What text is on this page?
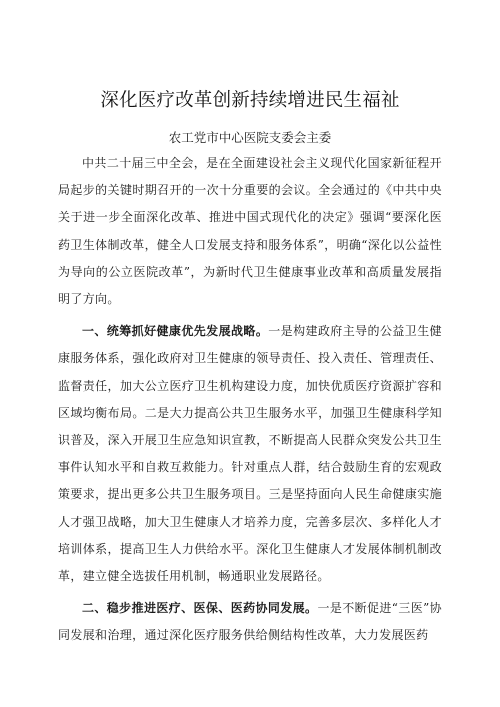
深化医疗改革创新持续增进民生福祉
农工党市中心医院支委会主委

中共二十届三中全会，是在全面建设社会主义现代化国家新征程开局起步的关键时期召开的一次十分重要的会议。全会通过的《中共中央关于进一步全面深化改革、推进中国式现代化的决定》强调“要深化医药卫生体制改革，健全人口发展支持和服务体系”，明确“深化以公益性为导向的公立医院改革”，为新时代卫生健康事业改革和高质量发展指明了方向。

一、统筹抓好健康优先发展战略。一是构建政府主导的公益卫生健康服务体系，强化政府对卫生健康的领导责任、投入责任、管理责任、监督责任，加大公立医疗卫生机构建设力度，加快优质医疗资源扩容和区域均衡布局。二是大力提高公共卫生服务水平，加强卫生健康科学知识普及，深入开展卫生应急知识宣教，不断提高人民群众突发公共卫生事件认知水平和自救互救能力。针对重点人群，结合鼓励生育的宏观政策要求，提出更多公共卫生服务项目。三是坚持面向人民生命健康实施人才强卫战略，加大卫生健康人才培养力度，完善多层次、多样化人才培训体系，提高卫生人力供给水平。深化卫生健康人才发展体制机制改革，建立健全选拔任用机制，畅通职业发展路径。

二、稳步推进医疗、医保、医药协同发展。一是不断促进“三医”协同发展和治理，通过深化医疗服务供给侧结构性改革，大力发展医药
